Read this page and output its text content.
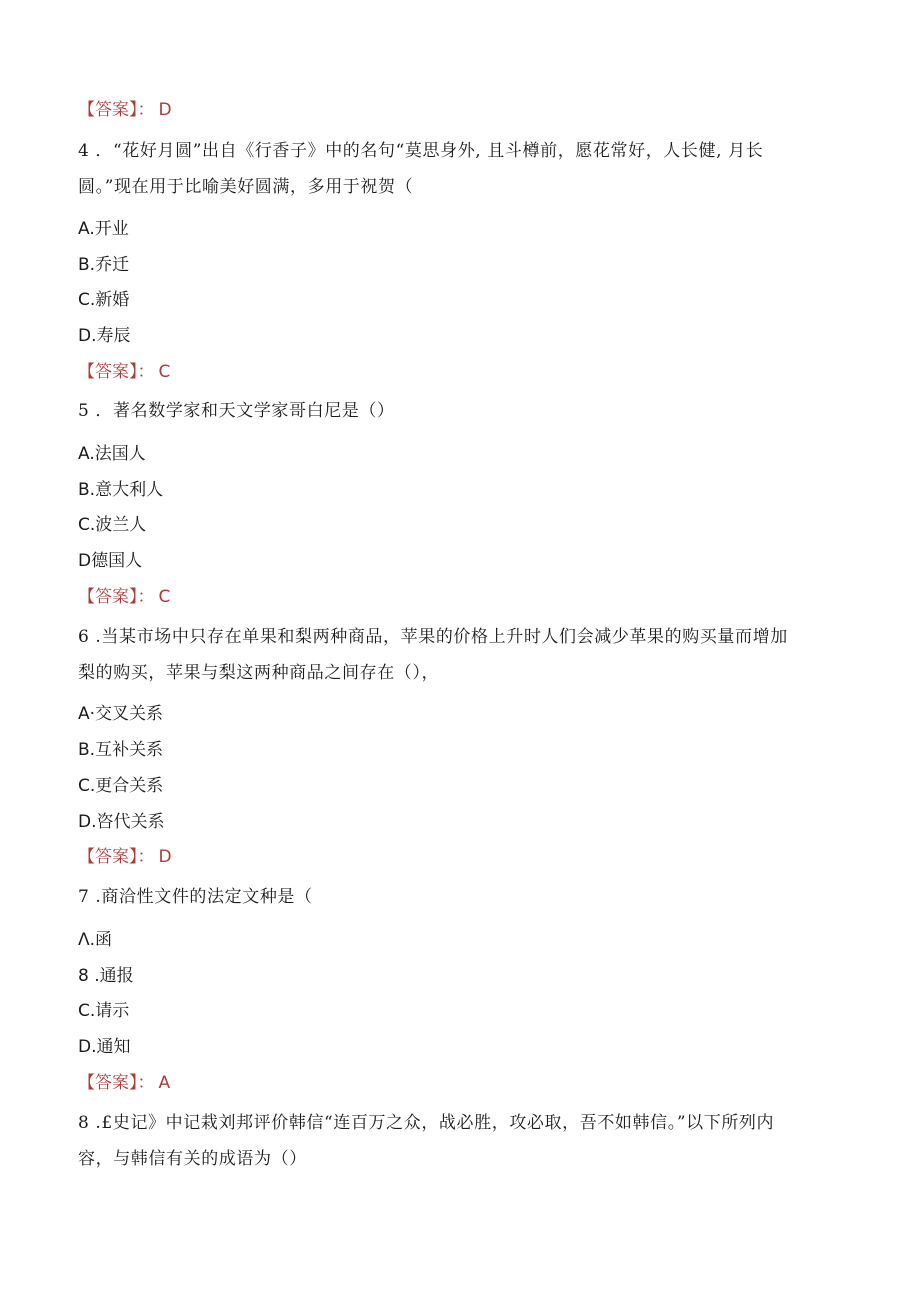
【答案】： D
4 ．“花好月圆”出自《行香子》中的名句“莫思身外, 且斗樽前，愿花常好，人长健, 月长
圆。”现在用于比喻美好圆满，多用于祝贺（
A.开业
B.乔迁
C.新婚
D.寿辰
【答案】： C
5 ．著名数学家和天文学家哥白尼是（）
A.法国人
B.意大利人
C.波兰人
D德国人
【答案】： C
6 .当某市场中只存在单果和梨两种商品，苹果的价格上升时人们会减少革果的购买量而增加
梨的购买，苹果与梨这两种商品之间存在（），
A·交叉关系
B.互补关系
C.更合关系
D.咨代关系
【答案】： D
7 .商洽性文件的法定文种是（
Λ.函
8 .通报
C.请示
D.通知
【答案】： A
8 .£史记》中记栽刘邦评价韩信“连百万之众，战必胜，攻必取，吾不如韩信。”以下所列内
容，与韩信有关的成语为（）
